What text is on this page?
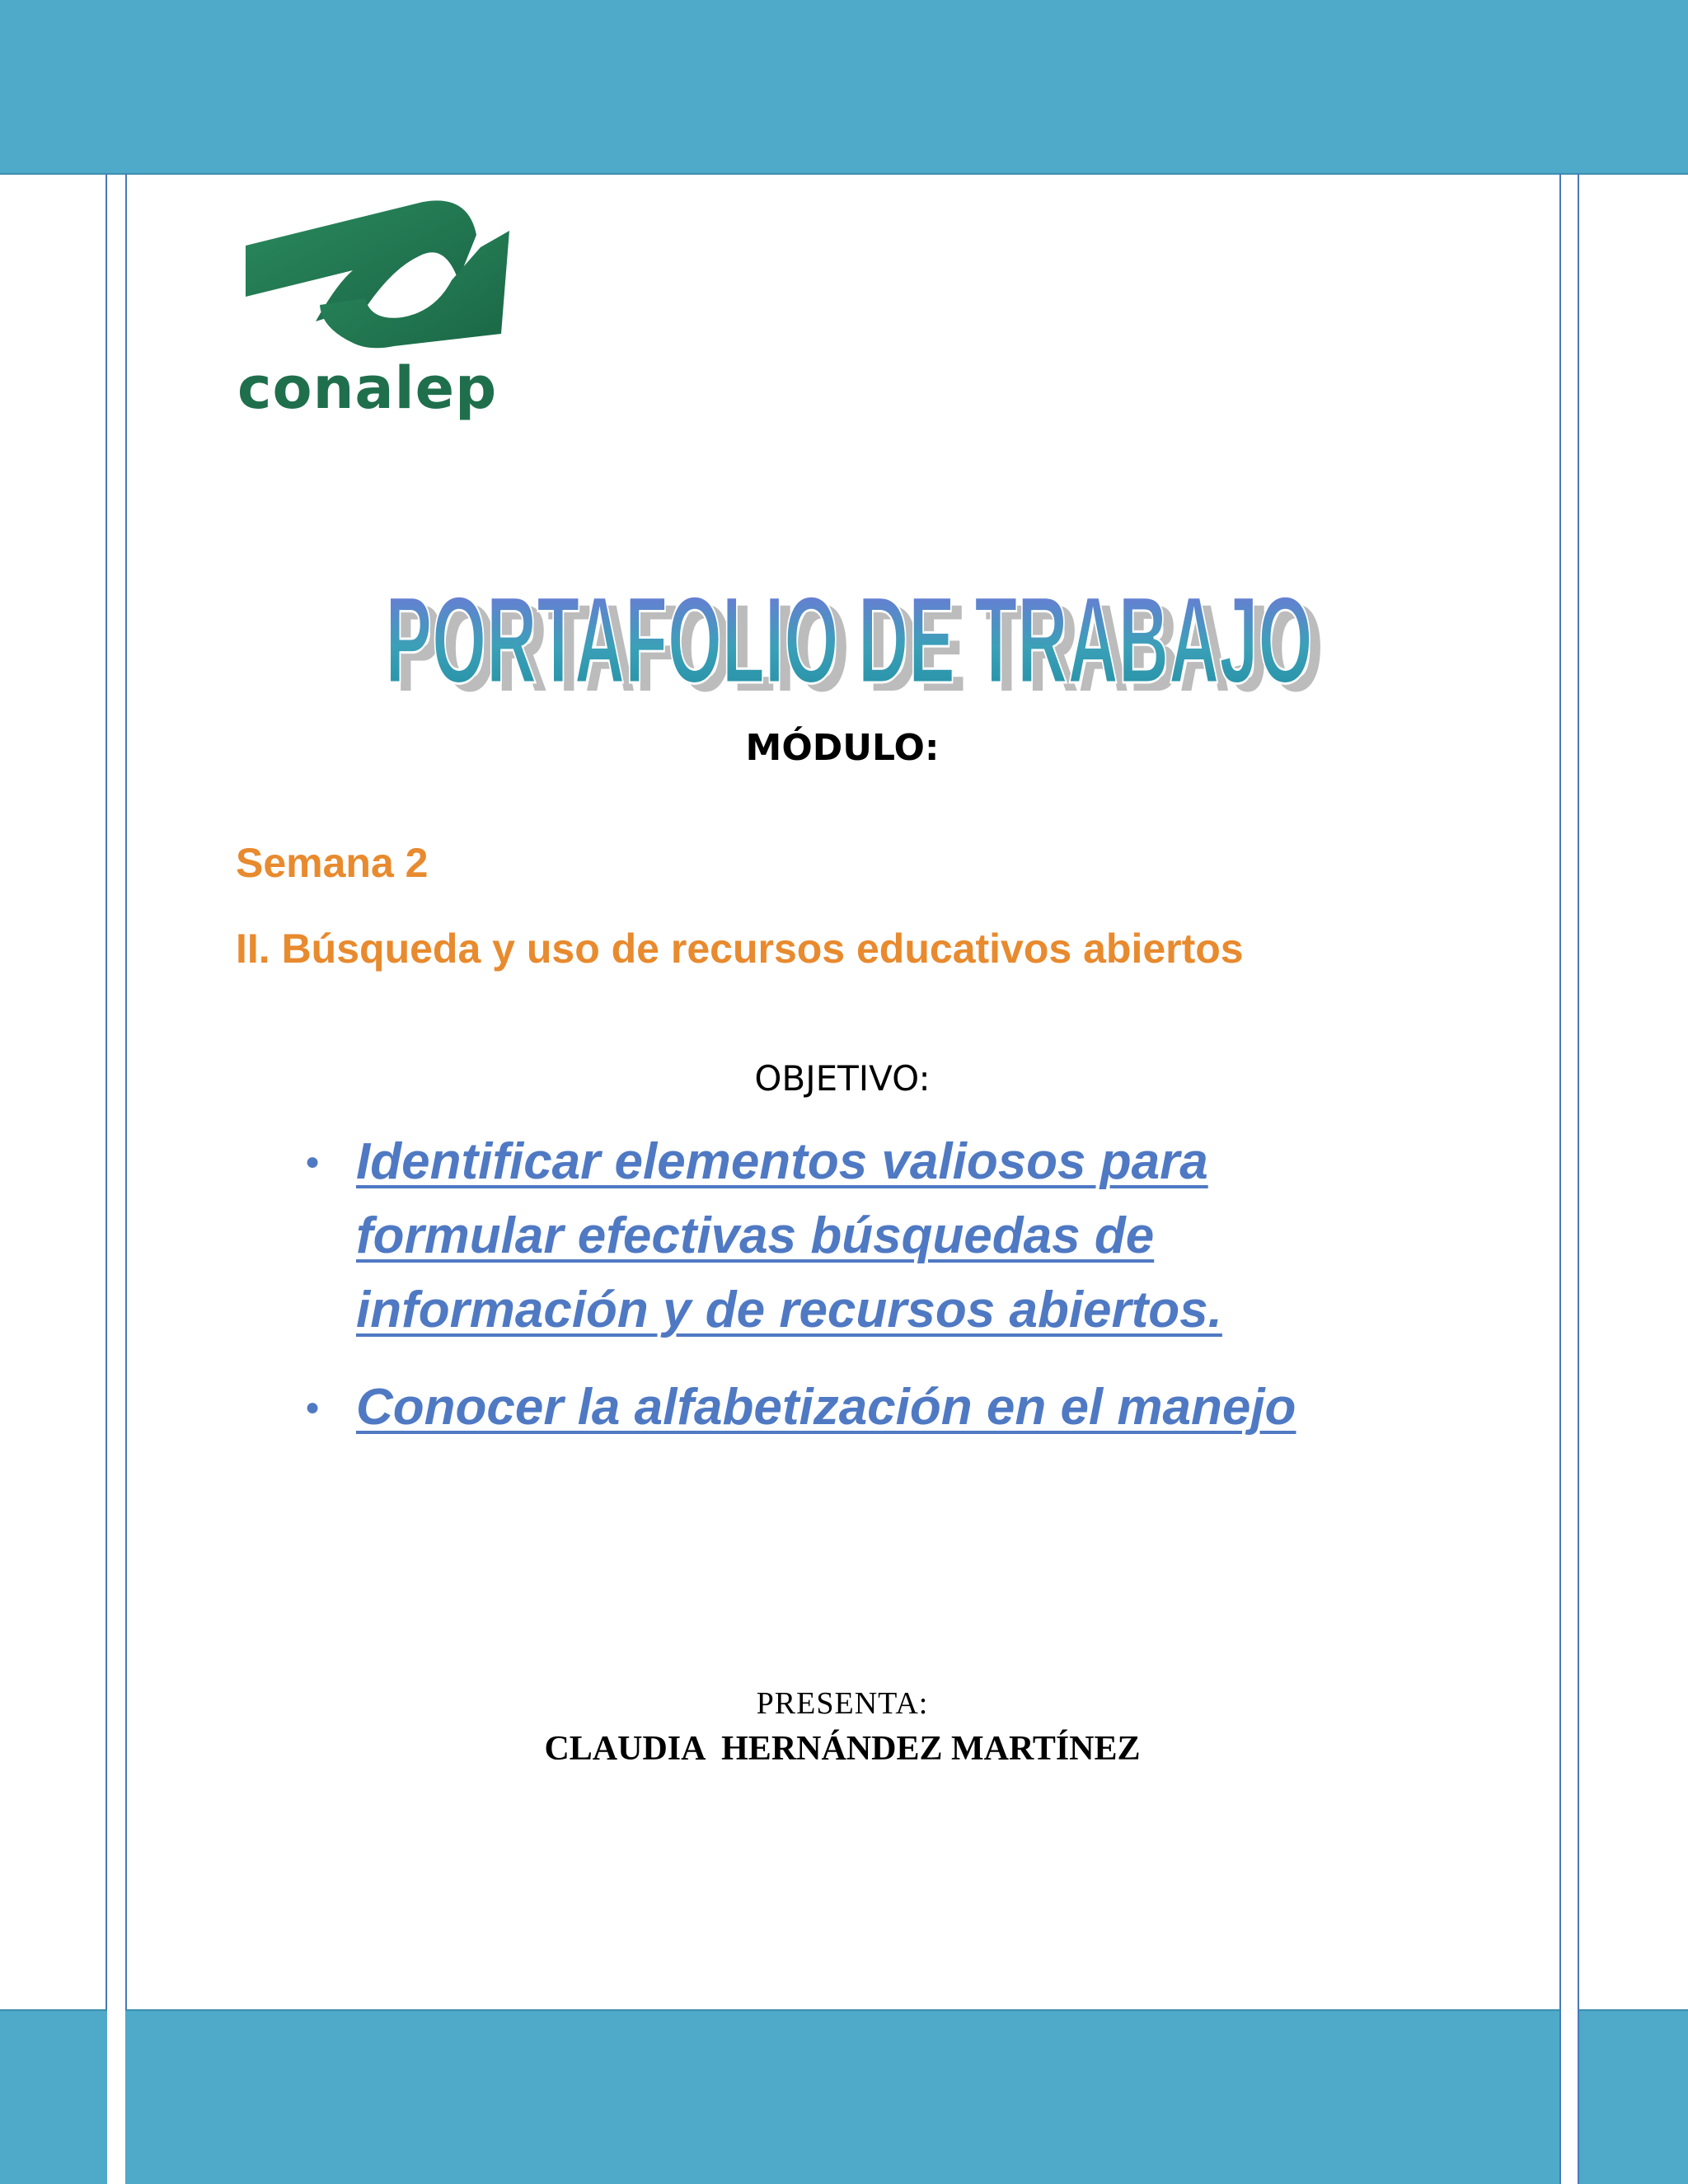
conalep
PORTAFOLIO DE TRABAJO
PORTAFOLIO DE TRABAJO
MÓDULO:
Semana 2
II. Búsqueda y uso de recursos educativos abiertos
OBJETIVO:
● Identificar elementos valiosos para formular efectivas búsquedas de información y de recursos abiertos.
● Conocer la alfabetización en el manejo
PRESENTA:
CLAUDIA  HERNÁNDEZ MARTÍNEZ
